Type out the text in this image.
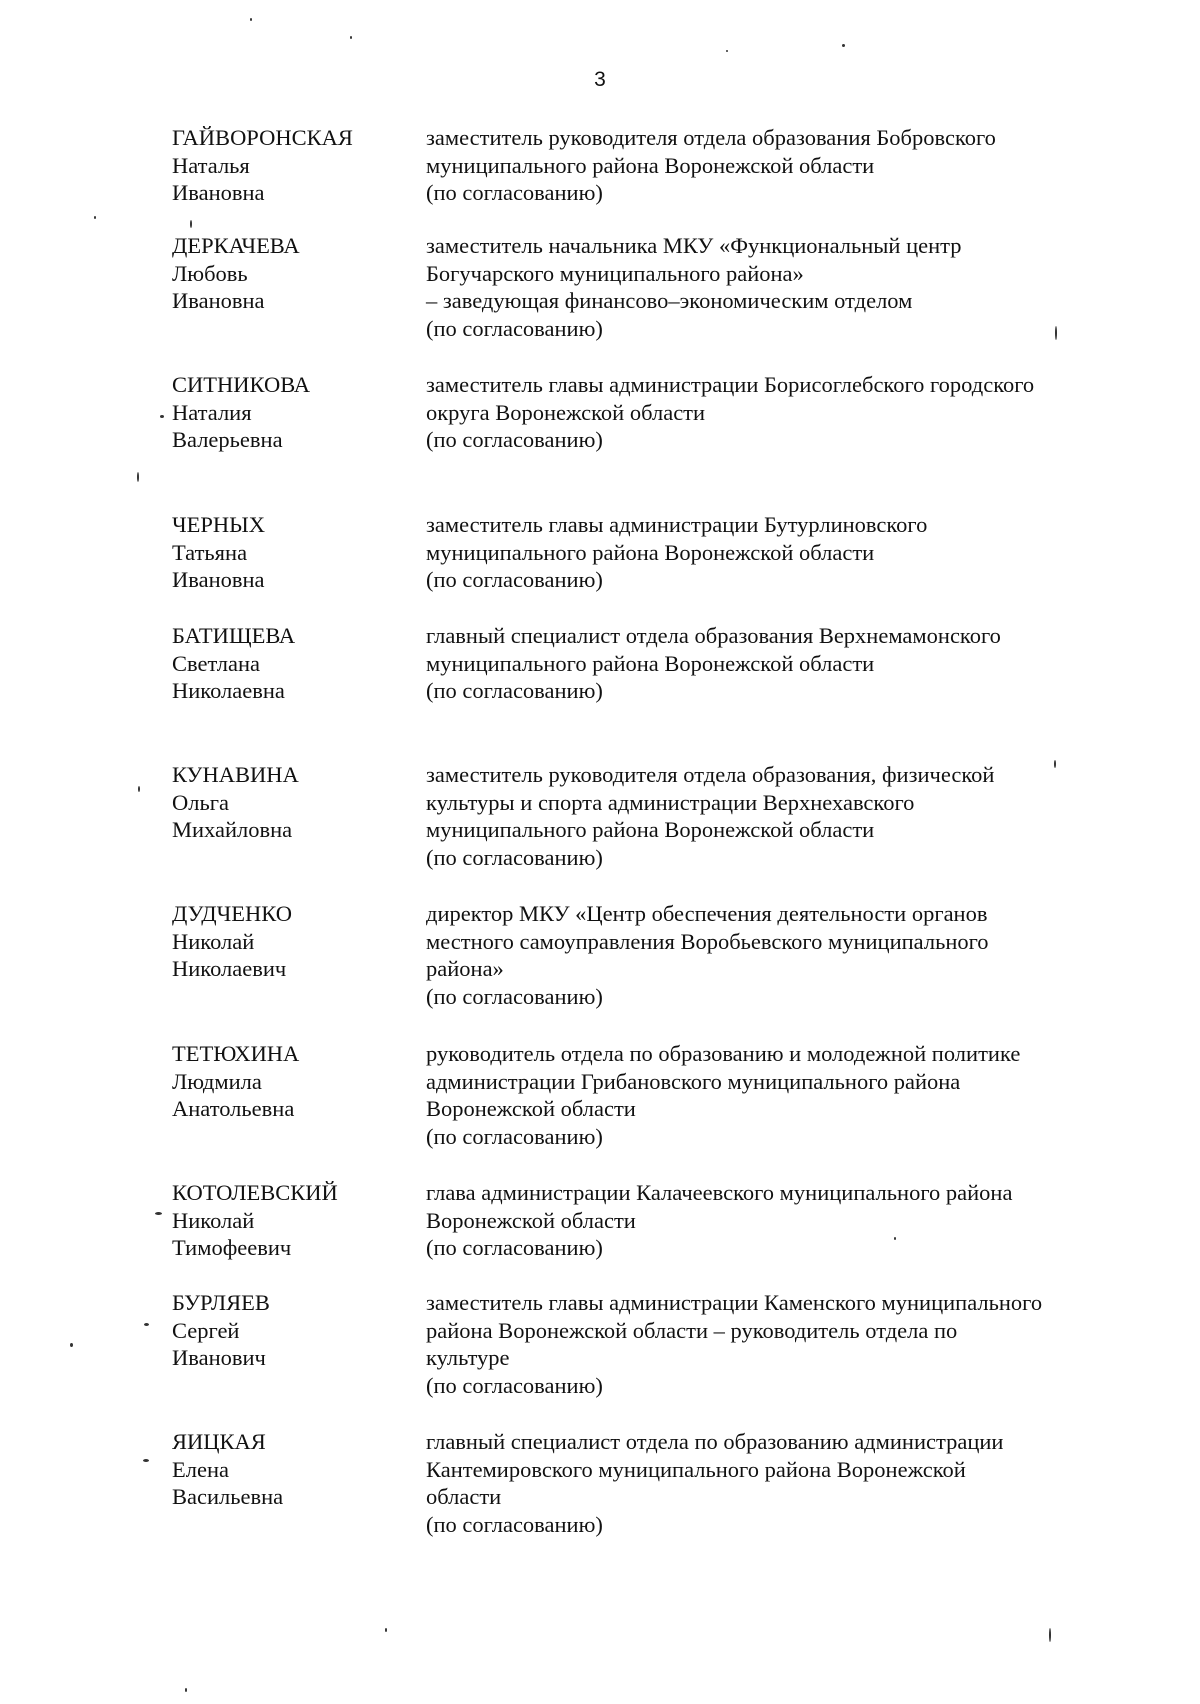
3
ГАЙВОРОНСКАЯ
Наталья
Ивановна
заместитель руководителя отдела образования Бобровского
муниципального района Воронежской области
(по согласованию)
ДЕРКАЧЕВА
Любовь
Ивановна
заместитель начальника МКУ «Функциональный центр
Богучарского муниципального района»
– заведующая финансово–экономическим отделом
(по согласованию)
СИТНИКОВА
Наталия
Валерьевна
заместитель главы администрации Борисоглебского городского
округа Воронежской области
(по согласованию)
ЧЕРНЫХ
Татьяна
Ивановна
заместитель главы администрации Бутурлиновского
муниципального района Воронежской области
(по согласованию)
БАТИЩЕВА
Светлана
Николаевна
главный специалист отдела образования Верхнемамонского
муниципального района Воронежской области
(по согласованию)
КУНАВИНА
Ольга
Михайловна
заместитель руководителя отдела образования, физической
культуры и спорта администрации Верхнехавского
муниципального района Воронежской области
(по согласованию)
ДУДЧЕНКО
Николай
Николаевич
директор МКУ «Центр обеспечения деятельности органов
местного самоуправления Воробьевского муниципального
района»
(по согласованию)
ТЕТЮХИНА
Людмила
Анатольевна
руководитель отдела по образованию и молодежной политике
администрации Грибановского муниципального района
Воронежской области
(по согласованию)
КОТОЛЕВСКИЙ
Николай
Тимофеевич
глава администрации Калачеевского муниципального района
Воронежской области
(по согласованию)
БУРЛЯЕВ
Сергей
Иванович
заместитель главы администрации Каменского муниципального
района Воронежской области – руководитель отдела по
культуре
(по согласованию)
ЯИЦКАЯ
Елена
Васильевна
главный специалист отдела по образованию администрации
Кантемировского муниципального района Воронежской
области
(по согласованию)
